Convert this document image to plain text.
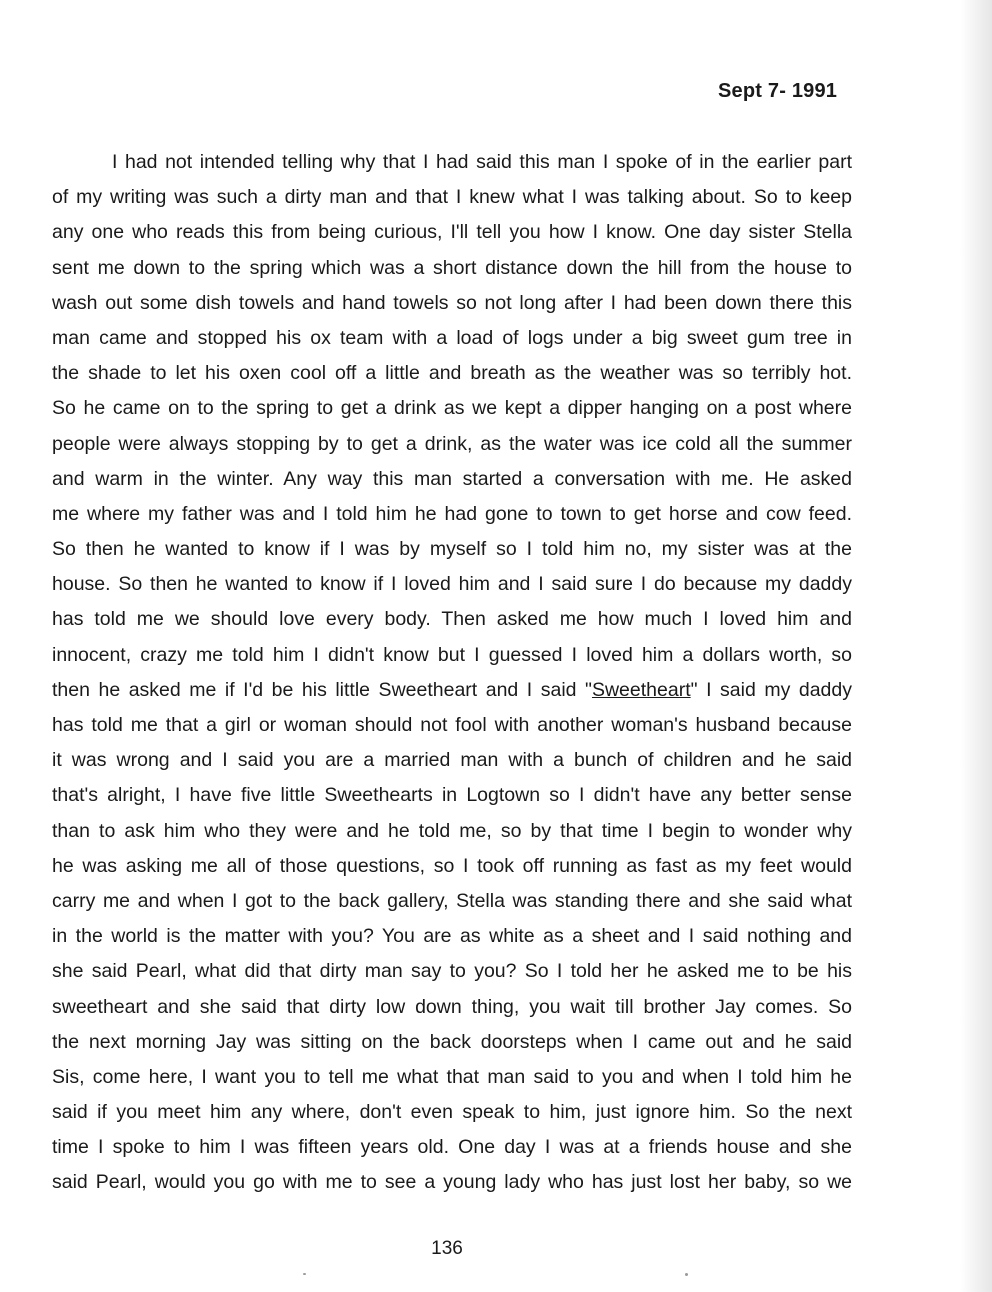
Sept 7- 1991
I had not intended telling why that I had said this man I spoke of in the earlier part
of my writing was such a dirty man and that I knew what I was talking about. So to keep
any one who reads this from being curious, I'll tell you how I know. One day sister Stella
sent me down to the spring which was a short distance down the hill from the house to
wash out some dish towels and hand towels so not long after I had been down there this
man came and stopped his ox team with a load of logs under a big sweet gum tree in
the shade to let his oxen cool off a little and breath as the weather was so terribly hot.
So he came on to the spring to get a drink as we kept a dipper hanging on a post where
people were always stopping by to get a drink, as the water was ice cold all the summer
and warm in the winter. Any way this man started a conversation with me. He asked
me where my father was and I told him he had gone to town to get horse and cow feed.
So then he wanted to know if I was by myself so I told him no, my sister was at the
house. So then he wanted to know if I loved him and I said sure I do because my daddy
has told me we should love every body. Then asked me how much I loved him and
innocent, crazy me told him I didn't know but I guessed I loved him a dollars worth, so
then he asked me if I'd be his little Sweetheart and I said "Sweetheart" I said my daddy
has told me that a girl or woman should not fool with another woman's husband because
it was wrong and I said you are a married man with a bunch of children and he said
that's alright, I have five little Sweethearts in Logtown so I didn't have any better sense
than to ask him who they were and he told me, so by that time I begin to wonder why
he was asking me all of those questions, so I took off running as fast as my feet would
carry me and when I got to the back gallery, Stella was standing there and she said what
in the world is the matter with you? You are as white as a sheet and I said nothing and
she said Pearl, what did that dirty man say to you? So I told her he asked me to be his
sweetheart and she said that dirty low down thing, you wait till brother Jay comes. So
the next morning Jay was sitting on the back doorsteps when I came out and he said
Sis, come here, I want you to tell me what that man said to you and when I told him he
said if you meet him any where, don't even speak to him, just ignore him. So the next
time I spoke to him I was fifteen years old. One day I was at a friends house and she
said Pearl, would you go with me to see a young lady who has just lost her baby, so we
136
